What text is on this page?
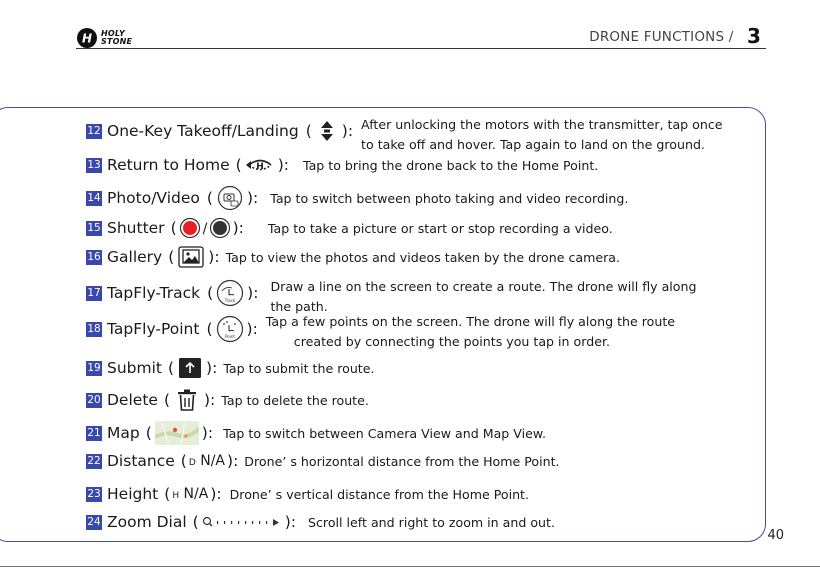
H HOLY
STONE	DRONE FUNCTIONS / 3
12 One-Key Takeoff/Landing ( ): After unlocking the motors with the transmitter, tap once
to take off and hover. Tap again to land on the ground.
13 Return to Home ( H ): Tap to bring the drone back to the Home Point.
14 Photo/Video ( ): Tap to switch between photo taking and video recording.
15 Shutter ( / ): Tap to take a picture or start or stop recording a video.
16 Gallery ( ): Tap to view the photos and videos taken by the drone camera.
17 TapFly-Track (	Track ): Draw a line on the screen to create a route. The drone will fly along
the path.
18 TapFly-Point (	Point ): Tap a few points on the screen. The drone will fly along the route
created by connecting the points you tap in order.
19 Submit ( ): Tap to submit the route.
20 Delete ( ): Tap to delete the route.
21 Map (	): Tap to switch between Camera View and Map View.
22 Distance ( D N/A ): Drone’ s horizontal distance from the Home Point.
23 Height ( H N/A ): Drone’ s vertical distance from the Home Point.
24 Zoom Dial (	): Scroll left and right to zoom in and out.
40
